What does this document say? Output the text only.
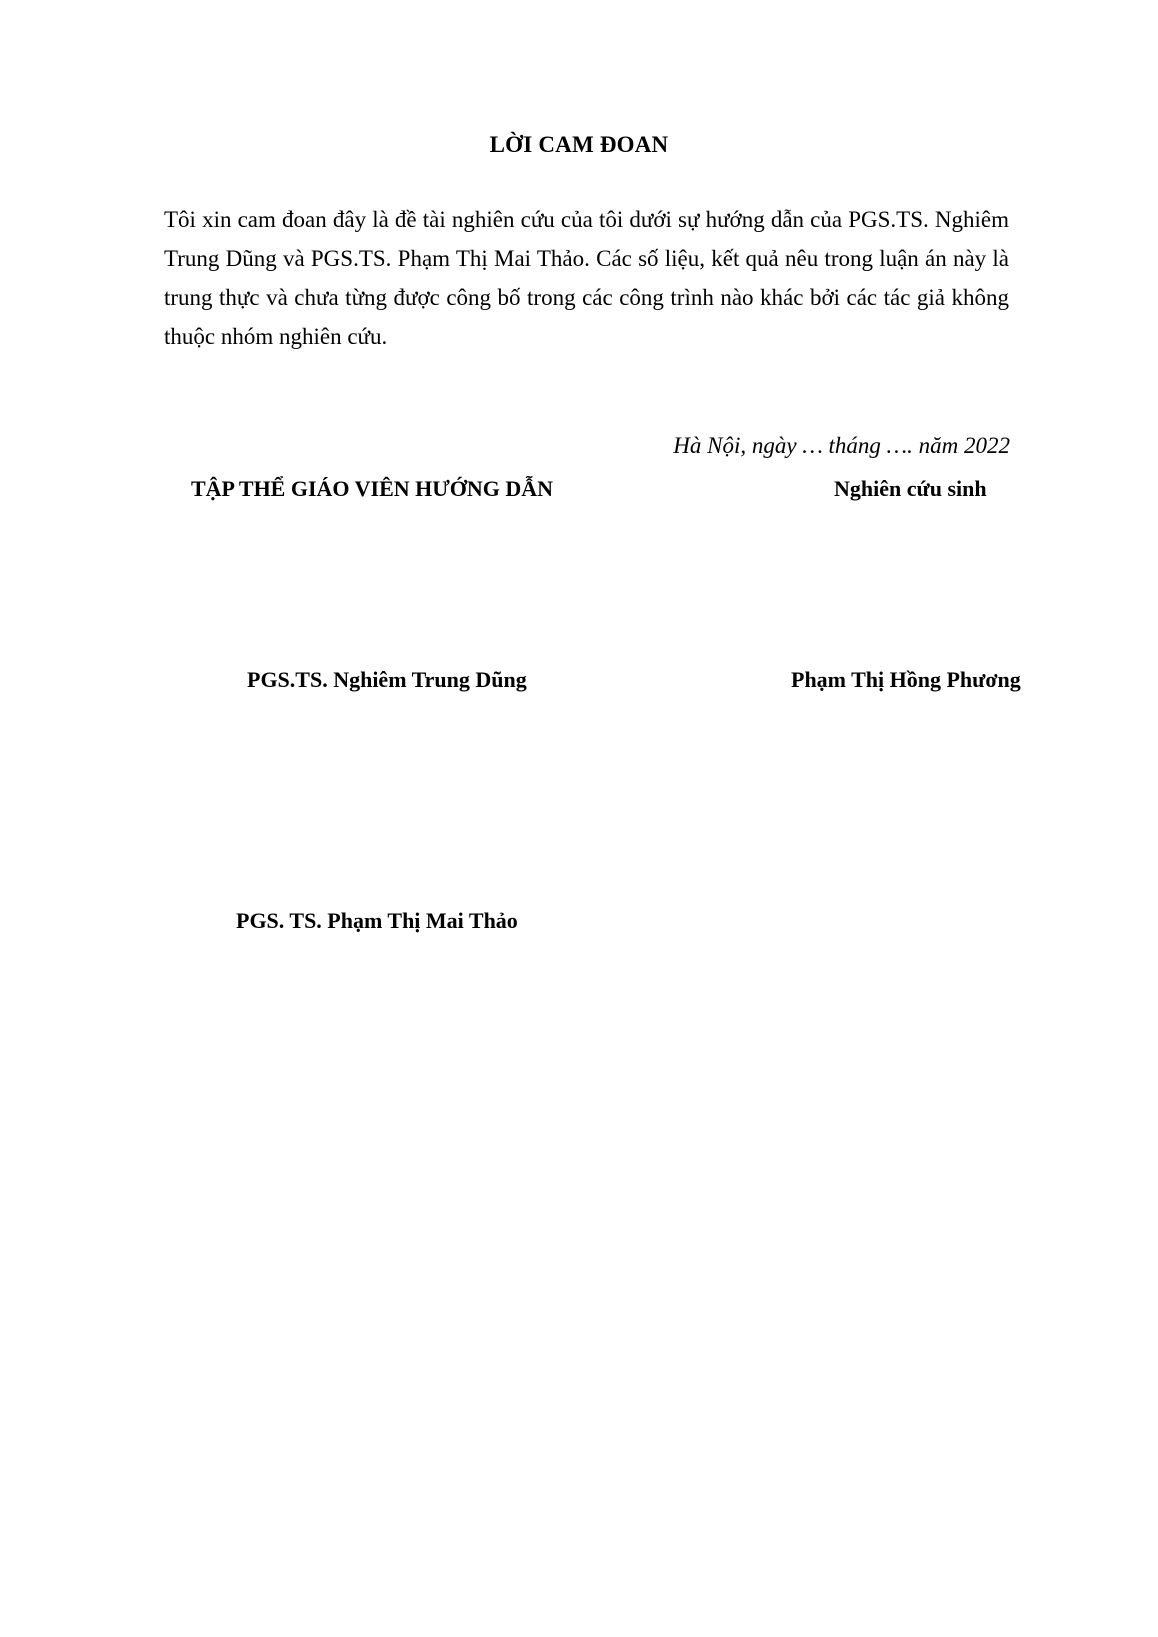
LỜI CAM ĐOAN

Tôi xin cam đoan đây là đề tài nghiên cứu của tôi dưới sự hướng dẫn của PGS.TS. Nghiêm Trung Dũng và PGS.TS. Phạm Thị Mai Thảo. Các số liệu, kết quả nêu trong luận án này là trung thực và chưa từng được công bố trong các công trình nào khác bởi các tác giả không thuộc nhóm nghiên cứu.

Hà Nội, ngày … tháng …. năm 2022
TẬP THỂ GIÁO VIÊN HƯỚNG DẪN	Nghiên cứu sinh
PGS.TS. Nghiêm Trung Dũng	Phạm Thị Hồng Phương
PGS. TS. Phạm Thị Mai Thảo
